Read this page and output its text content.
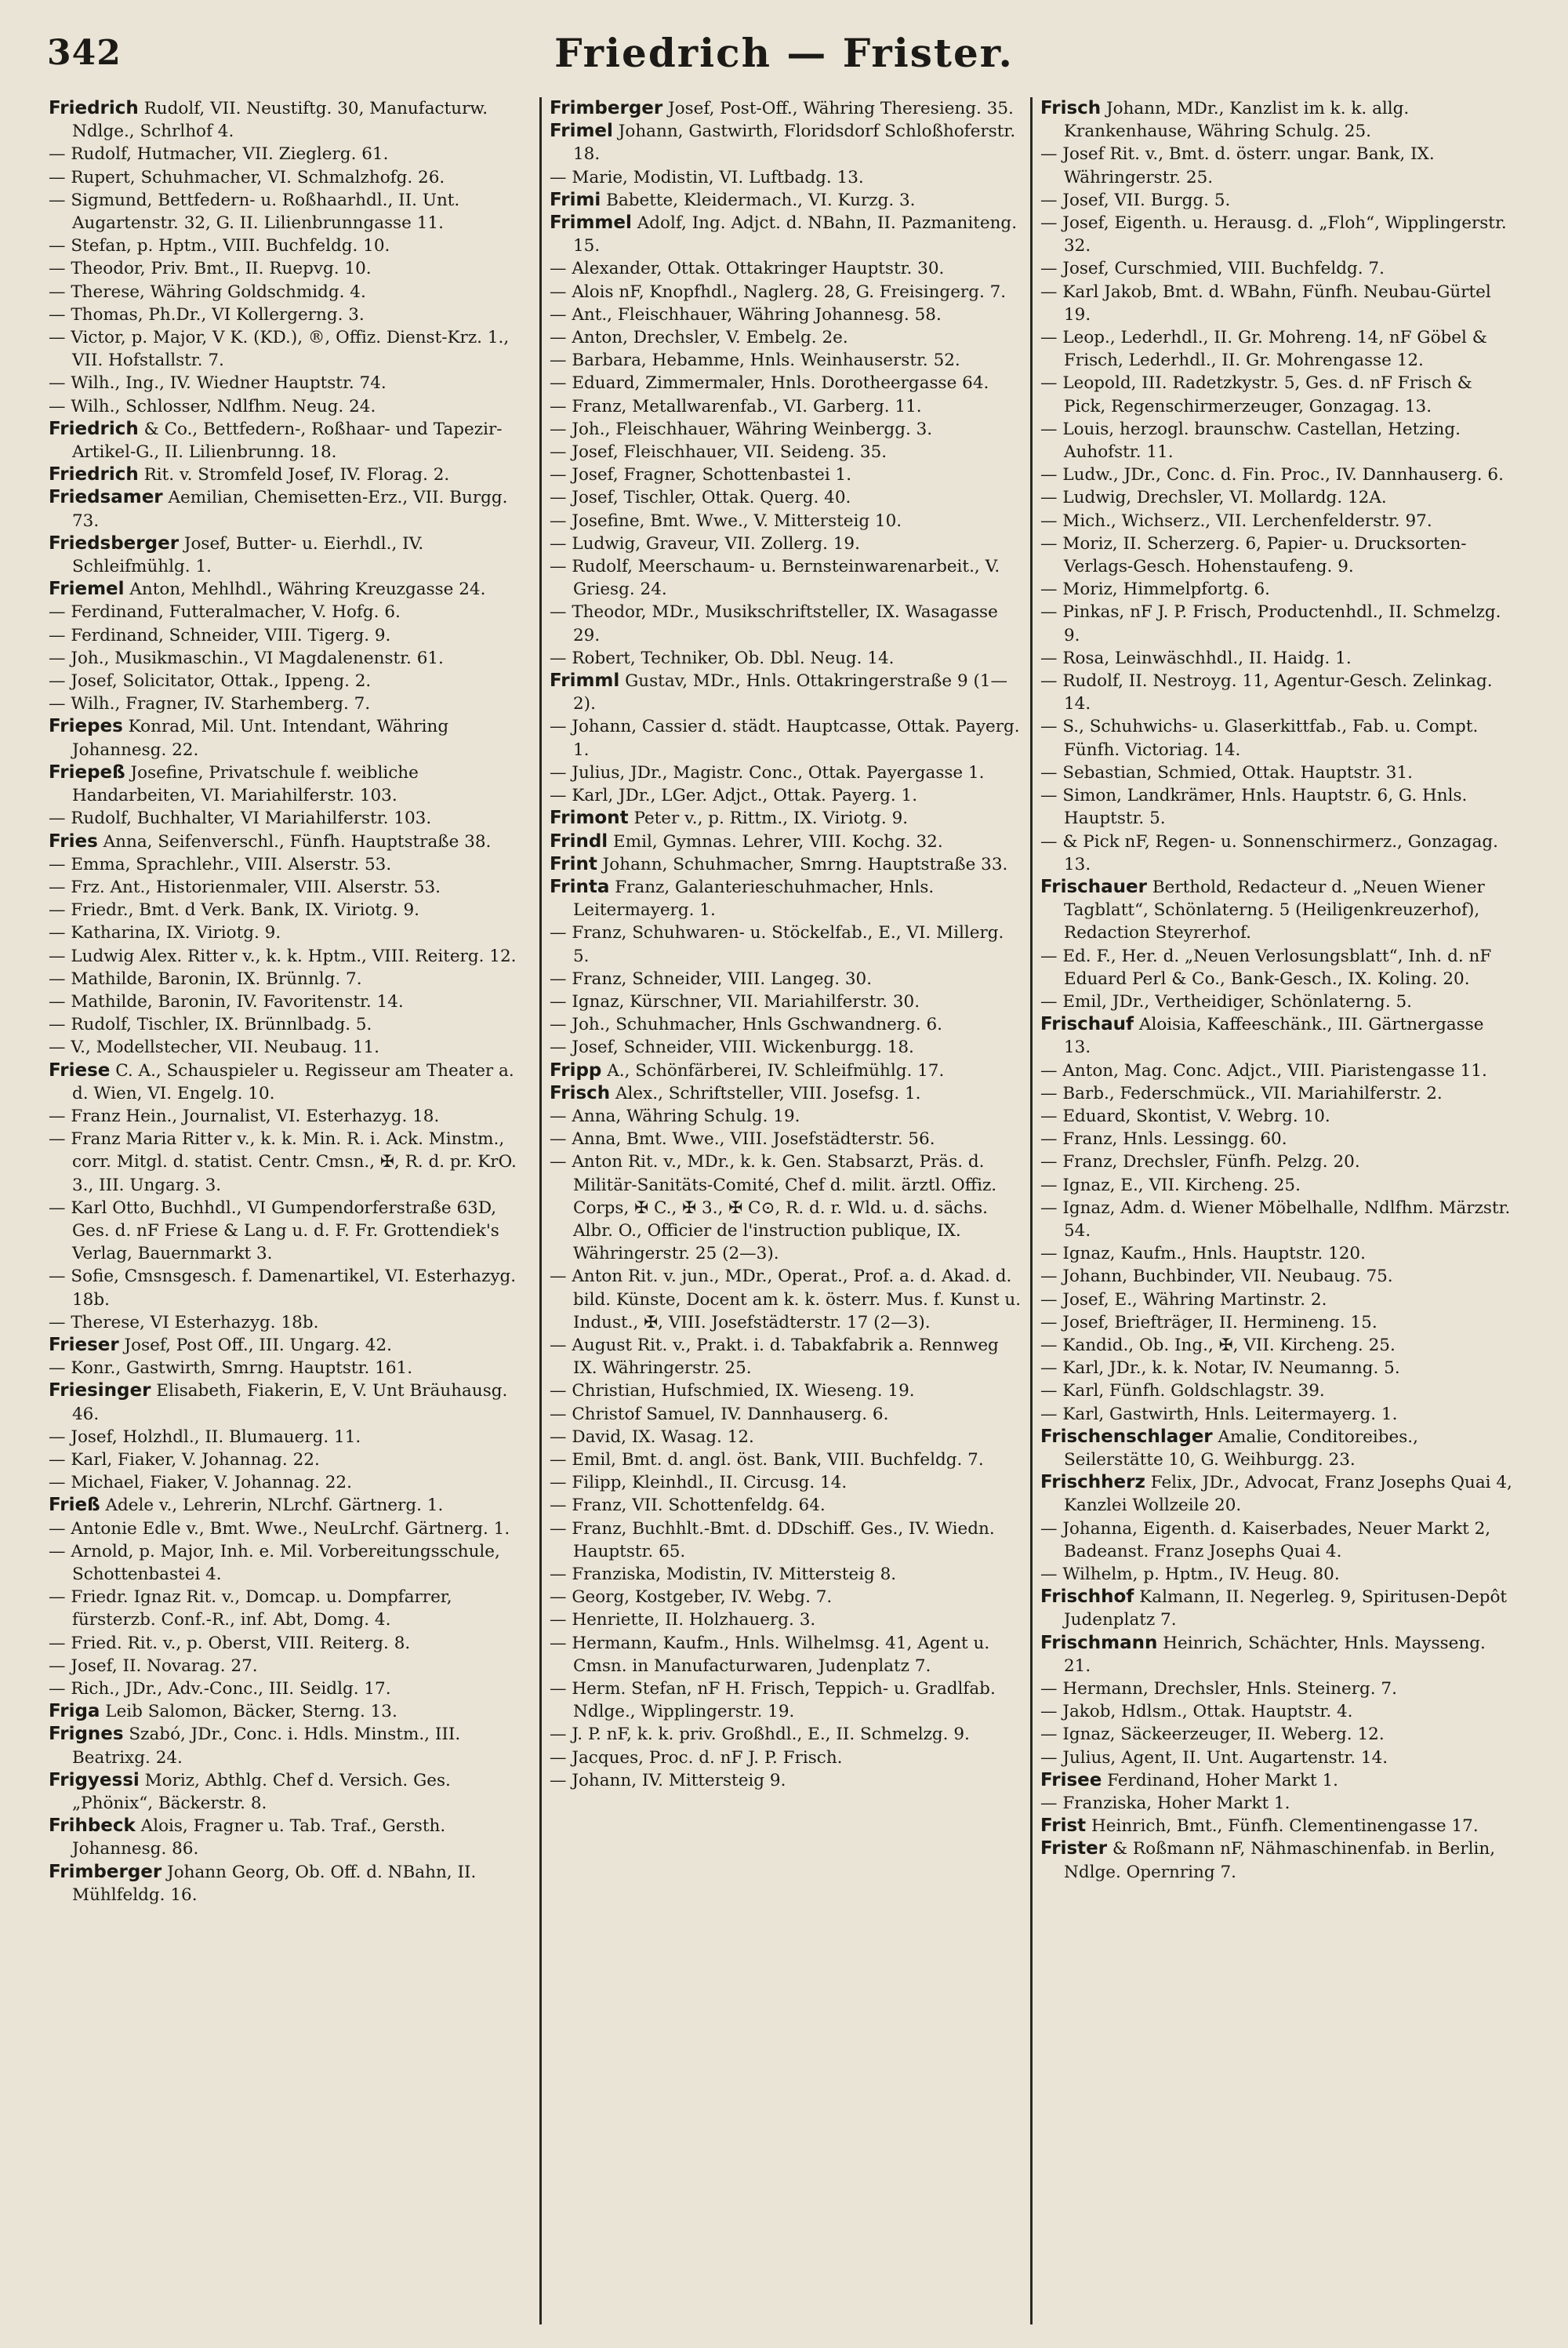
342	Friedrich — Frister.
Friedrich Rudolf, VII. Neustiftg. 30, Manufacturw. Ndlge., Schrlhof 4.
— Rudolf, Hutmacher, VII. Zieglerg. 61.
— Rupert, Schuhmacher, VI. Schmalzhofg. 26.
— Sigmund, Bettfedern- u. Roßhaarhdl., II. Unt. Augartenstr. 32, G. II. Lilienbrunngasse 11.
— Stefan, p. Hptm., VIII. Buchfeldg. 10.
— Theodor, Priv. Bmt., II. Ruepvg. 10.
— Therese, Währing Goldschmidg. 4.
— Thomas, Ph.Dr., VI Kollergerng. 3.
— Victor, p. Major, V K. (KD.), ®, Offiz. Dienst-Krz. 1., VII. Hofstallstr. 7.
— Wilh., Ing., IV. Wiedner Hauptstr. 74.
— Wilh., Schlosser, Ndlfhm. Neug. 24.
Friedrich & Co., Bettfedern-, Roßhaar- und Tapezir-Artikel-G., II. Lilienbrunng. 18.
Friedrich Rit. v. Stromfeld Josef, IV. Florag. 2.
Friedsamer Aemilian, Chemisetten-Erz., VII. Burgg. 73.
Friedsberger Josef, Butter- u. Eierhdl., IV. Schleifmühlg. 1.
Friemel Anton, Mehlhdl., Währing Kreuzgasse 24.
— Ferdinand, Futteralmacher, V. Hofg. 6.
— Ferdinand, Schneider, VIII. Tigerg. 9.
— Joh., Musikmaschin., VI Magdalenenstr. 61.
— Josef, Solicitator, Ottak., Ippeng. 2.
— Wilh., Fragner, IV. Starhemberg. 7.
Friepes Konrad, Mil. Unt. Intendant, Währing Johannesg. 22.
Friepeß Josefine, Privatschule f. weibliche Handarbeiten, VI. Mariahilferstr. 103.
— Rudolf, Buchhalter, VI Mariahilferstr. 103.
Fries Anna, Seifenverschl., Fünfh. Hauptstraße 38.
— Emma, Sprachlehr., VIII. Alserstr. 53.
— Frz. Ant., Historienmaler, VIII. Alserstr. 53.
— Friedr., Bmt. d Verk. Bank, IX. Viriotg. 9.
— Katharina, IX. Viriotg. 9.
— Ludwig Alex. Ritter v., k. k. Hptm., VIII. Reiterg. 12.
— Mathilde, Baronin, IX. Brünnlg. 7.
— Mathilde, Baronin, IV. Favoritenstr. 14.
— Rudolf, Tischler, IX. Brünnlbadg. 5.
— V., Modellstecher, VII. Neubaug. 11.
Friese C. A., Schauspieler u. Regisseur am Theater a. d. Wien, VI. Engelg. 10.
— Franz Hein., Journalist, VI. Esterhazyg. 18.
— Franz Maria Ritter v., k. k. Min. R. i. Ack. Minstm., corr. Mitgl. d. statist. Centr. Cmsn., ✠, R. d. pr. KrO. 3., III. Ungarg. 3.
— Karl Otto, Buchhdl., VI Gumpendorferstraße 63D, Ges. d. nF Friese & Lang u. d. F. Fr. Grottendiek's Verlag, Bauernmarkt 3.
— Sofie, Cmsnsgesch. f. Damenartikel, VI. Esterhazyg. 18b.
— Therese, VI Esterhazyg. 18b.
Frieser Josef, Post Off., III. Ungarg. 42.
— Konr., Gastwirth, Smrng. Hauptstr. 161.
Friesinger Elisabeth, Fiakerin, E, V. Unt Bräuhausg. 46.
— Josef, Holzhdl., II. Blumauerg. 11.
— Karl, Fiaker, V. Johannag. 22.
— Michael, Fiaker, V. Johannag. 22.
Frieß Adele v., Lehrerin, NLrchf. Gärtnerg. 1.
— Antonie Edle v., Bmt. Wwe., NeuLrchf. Gärtnerg. 1.
— Arnold, p. Major, Inh. e. Mil. Vorbereitungsschule, Schottenbastei 4.
— Friedr. Ignaz Rit. v., Domcap. u. Dompfarrer, fürsterzb. Conf.-R., inf. Abt, Domg. 4.
— Fried. Rit. v., p. Oberst, VIII. Reiterg. 8.
— Josef, II. Novarag. 27.
— Rich., JDr., Adv.-Conc., III. Seidlg. 17.
Friga Leib Salomon, Bäcker, Sterng. 13.
Frignes Szabó, JDr., Conc. i. Hdls. Minstm., III. Beatrixg. 24.
Frigyessi Moriz, Abthlg. Chef d. Versich. Ges. „Phönix“, Bäckerstr. 8.
Frihbeck Alois, Fragner u. Tab. Traf., Gersth. Johannesg. 86.
Frimberger Johann Georg, Ob. Off. d. NBahn, II. Mühlfeldg. 16.
Frimberger Josef, Post-Off., Währing Theresieng. 35.
Frimel Johann, Gastwirth, Floridsdorf Schloßhoferstr. 18.
— Marie, Modistin, VI. Luftbadg. 13.
Frimi Babette, Kleidermach., VI. Kurzg. 3.
Frimmel Adolf, Ing. Adjct. d. NBahn, II. Pazmaniteng. 15.
— Alexander, Ottak. Ottakringer Hauptstr. 30.
— Alois nF, Knopfhdl., Naglerg. 28, G. Freisingerg. 7.
— Ant., Fleischhauer, Währing Johannesg. 58.
— Anton, Drechsler, V. Embelg. 2e.
— Barbara, Hebamme, Hnls. Weinhauserstr. 52.
— Eduard, Zimmermaler, Hnls. Dorotheergasse 64.
— Franz, Metallwarenfab., VI. Garberg. 11.
— Joh., Fleischhauer, Währing Weinbergg. 3.
— Josef, Fleischhauer, VII. Seideng. 35.
— Josef, Fragner, Schottenbastei 1.
— Josef, Tischler, Ottak. Querg. 40.
— Josefine, Bmt. Wwe., V. Mittersteig 10.
— Ludwig, Graveur, VII. Zollerg. 19.
— Rudolf, Meerschaum- u. Bernsteinwarenarbeit., V. Griesg. 24.
— Theodor, MDr., Musikschriftsteller, IX. Wasagasse 29.
— Robert, Techniker, Ob. Dbl. Neug. 14.
Frimml Gustav, MDr., Hnls. Ottakringerstraße 9 (1—2).
— Johann, Cassier d. städt. Hauptcasse, Ottak. Payerg. 1.
— Julius, JDr., Magistr. Conc., Ottak. Payergasse 1.
— Karl, JDr., LGer. Adjct., Ottak. Payerg. 1.
Frimont Peter v., p. Rittm., IX. Viriotg. 9.
Frindl Emil, Gymnas. Lehrer, VIII. Kochg. 32.
Frint Johann, Schuhmacher, Smrng. Hauptstraße 33.
Frinta Franz, Galanterieschuhmacher, Hnls. Leitermayerg. 1.
— Franz, Schuhwaren- u. Stöckelfab., E., VI. Millerg. 5.
— Franz, Schneider, VIII. Langeg. 30.
— Ignaz, Kürschner, VII. Mariahilferstr. 30.
— Joh., Schuhmacher, Hnls Gschwandnerg. 6.
— Josef, Schneider, VIII. Wickenburgg. 18.
Fripp A., Schönfärberei, IV. Schleifmühlg. 17.
Frisch Alex., Schriftsteller, VIII. Josefsg. 1.
— Anna, Währing Schulg. 19.
— Anna, Bmt. Wwe., VIII. Josefstädterstr. 56.
— Anton Rit. v., MDr., k. k. Gen. Stabsarzt, Präs. d. Militär-Sanitäts-Comité, Chef d. milit. ärztl. Offiz. Corps, ✠ C., ✠ 3., ✠ C⊙, R. d. r. Wld. u. d. sächs. Albr. O., Officier de l'instruction publique, IX. Währingerstr. 25 (2—3).
— Anton Rit. v. jun., MDr., Operat., Prof. a. d. Akad. d. bild. Künste, Docent am k. k. österr. Mus. f. Kunst u. Indust., ✠, VIII. Josefstädterstr. 17 (2—3).
— August Rit. v., Prakt. i. d. Tabakfabrik a. Rennweg IX. Währingerstr. 25.
— Christian, Hufschmied, IX. Wieseng. 19.
— Christof Samuel, IV. Dannhauserg. 6.
— David, IX. Wasag. 12.
— Emil, Bmt. d. angl. öst. Bank, VIII. Buchfeldg. 7.
— Filipp, Kleinhdl., II. Circusg. 14.
— Franz, VII. Schottenfeldg. 64.
— Franz, Buchhlt.-Bmt. d. DDschiff. Ges., IV. Wiedn. Hauptstr. 65.
— Franziska, Modistin, IV. Mittersteig 8.
— Georg, Kostgeber, IV. Webg. 7.
— Henriette, II. Holzhauerg. 3.
— Hermann, Kaufm., Hnls. Wilhelmsg. 41, Agent u. Cmsn. in Manufacturwaren, Judenplatz 7.
— Herm. Stefan, nF H. Frisch, Teppich- u. Gradlfab. Ndlge., Wipplingerstr. 19.
— J. P. nF, k. k. priv. Großhdl., E., II. Schmelzg. 9.
— Jacques, Proc. d. nF J. P. Frisch.
— Johann, IV. Mittersteig 9.
Frisch Johann, MDr., Kanzlist im k. k. allg. Krankenhause, Währing Schulg. 25.
— Josef Rit. v., Bmt. d. österr. ungar. Bank, IX. Währingerstr. 25.
— Josef, VII. Burgg. 5.
— Josef, Eigenth. u. Herausg. d. „Floh“, Wipplingerstr. 32.
— Josef, Curschmied, VIII. Buchfeldg. 7.
— Karl Jakob, Bmt. d. WBahn, Fünfh. Neubau-Gürtel 19.
— Leop., Lederhdl., II. Gr. Mohreng. 14, nF Göbel & Frisch, Lederhdl., II. Gr. Mohrengasse 12.
— Leopold, III. Radetzkystr. 5, Ges. d. nF Frisch & Pick, Regenschirmerzeuger, Gonzagag. 13.
— Louis, herzogl. braunschw. Castellan, Hetzing. Auhofstr. 11.
— Ludw., JDr., Conc. d. Fin. Proc., IV. Dannhauserg. 6.
— Ludwig, Drechsler, VI. Mollardg. 12A.
— Mich., Wichserz., VII. Lerchenfelderstr. 97.
— Moriz, II. Scherzerg. 6, Papier- u. Drucksorten-Verlags-Gesch. Hohenstaufeng. 9.
— Moriz, Himmelpfortg. 6.
— Pinkas, nF J. P. Frisch, Productenhdl., II. Schmelzg. 9.
— Rosa, Leinwäschhdl., II. Haidg. 1.
— Rudolf, II. Nestroyg. 11, Agentur-Gesch. Zelinkag. 14.
— S., Schuhwichs- u. Glaserkittfab., Fab. u. Compt. Fünfh. Victoriag. 14.
— Sebastian, Schmied, Ottak. Hauptstr. 31.
— Simon, Landkrämer, Hnls. Hauptstr. 6, G. Hnls. Hauptstr. 5.
— & Pick nF, Regen- u. Sonnenschirmerz., Gonzagag. 13.
Frischauer Berthold, Redacteur d. „Neuen Wiener Tagblatt“, Schönlaterng. 5 (Heiligenkreuzerhof), Redaction Steyrerhof.
— Ed. F., Her. d. „Neuen Verlosungsblatt“, Inh. d. nF Eduard Perl & Co., Bank-Gesch., IX. Koling. 20.
— Emil, JDr., Vertheidiger, Schönlaterng. 5.
Frischauf Aloisia, Kaffeeschänk., III. Gärtnergasse 13.
— Anton, Mag. Conc. Adjct., VIII. Piaristengasse 11.
— Barb., Federschmück., VII. Mariahilferstr. 2.
— Eduard, Skontist, V. Webrg. 10.
— Franz, Hnls. Lessingg. 60.
— Franz, Drechsler, Fünfh. Pelzg. 20.
— Ignaz, E., VII. Kircheng. 25.
— Ignaz, Adm. d. Wiener Möbelhalle, Ndlfhm. Märzstr. 54.
— Ignaz, Kaufm., Hnls. Hauptstr. 120.
— Johann, Buchbinder, VII. Neubaug. 75.
— Josef, E., Währing Martinstr. 2.
— Josef, Briefträger, II. Hermineng. 15.
— Kandid., Ob. Ing., ✠, VII. Kircheng. 25.
— Karl, JDr., k. k. Notar, IV. Neumanng. 5.
— Karl, Fünfh. Goldschlagstr. 39.
— Karl, Gastwirth, Hnls. Leitermayerg. 1.
Frischenschlager Amalie, Conditoreibes., Seilerstätte 10, G. Weihburgg. 23.
Frischherz Felix, JDr., Advocat, Franz Josephs Quai 4, Kanzlei Wollzeile 20.
— Johanna, Eigenth. d. Kaiserbades, Neuer Markt 2, Badeanst. Franz Josephs Quai 4.
— Wilhelm, p. Hptm., IV. Heug. 80.
Frischhof Kalmann, II. Negerleg. 9, Spiritusen-Depôt Judenplatz 7.
Frischmann Heinrich, Schächter, Hnls. Maysseng. 21.
— Hermann, Drechsler, Hnls. Steinerg. 7.
— Jakob, Hdlsm., Ottak. Hauptstr. 4.
— Ignaz, Säckeerzeuger, II. Weberg. 12.
— Julius, Agent, II. Unt. Augartenstr. 14.
Frisee Ferdinand, Hoher Markt 1.
— Franziska, Hoher Markt 1.
Frist Heinrich, Bmt., Fünfh. Clementinengasse 17.
Frister & Roßmann nF, Nähmaschinenfab. in Berlin, Ndlge. Opernring 7.
